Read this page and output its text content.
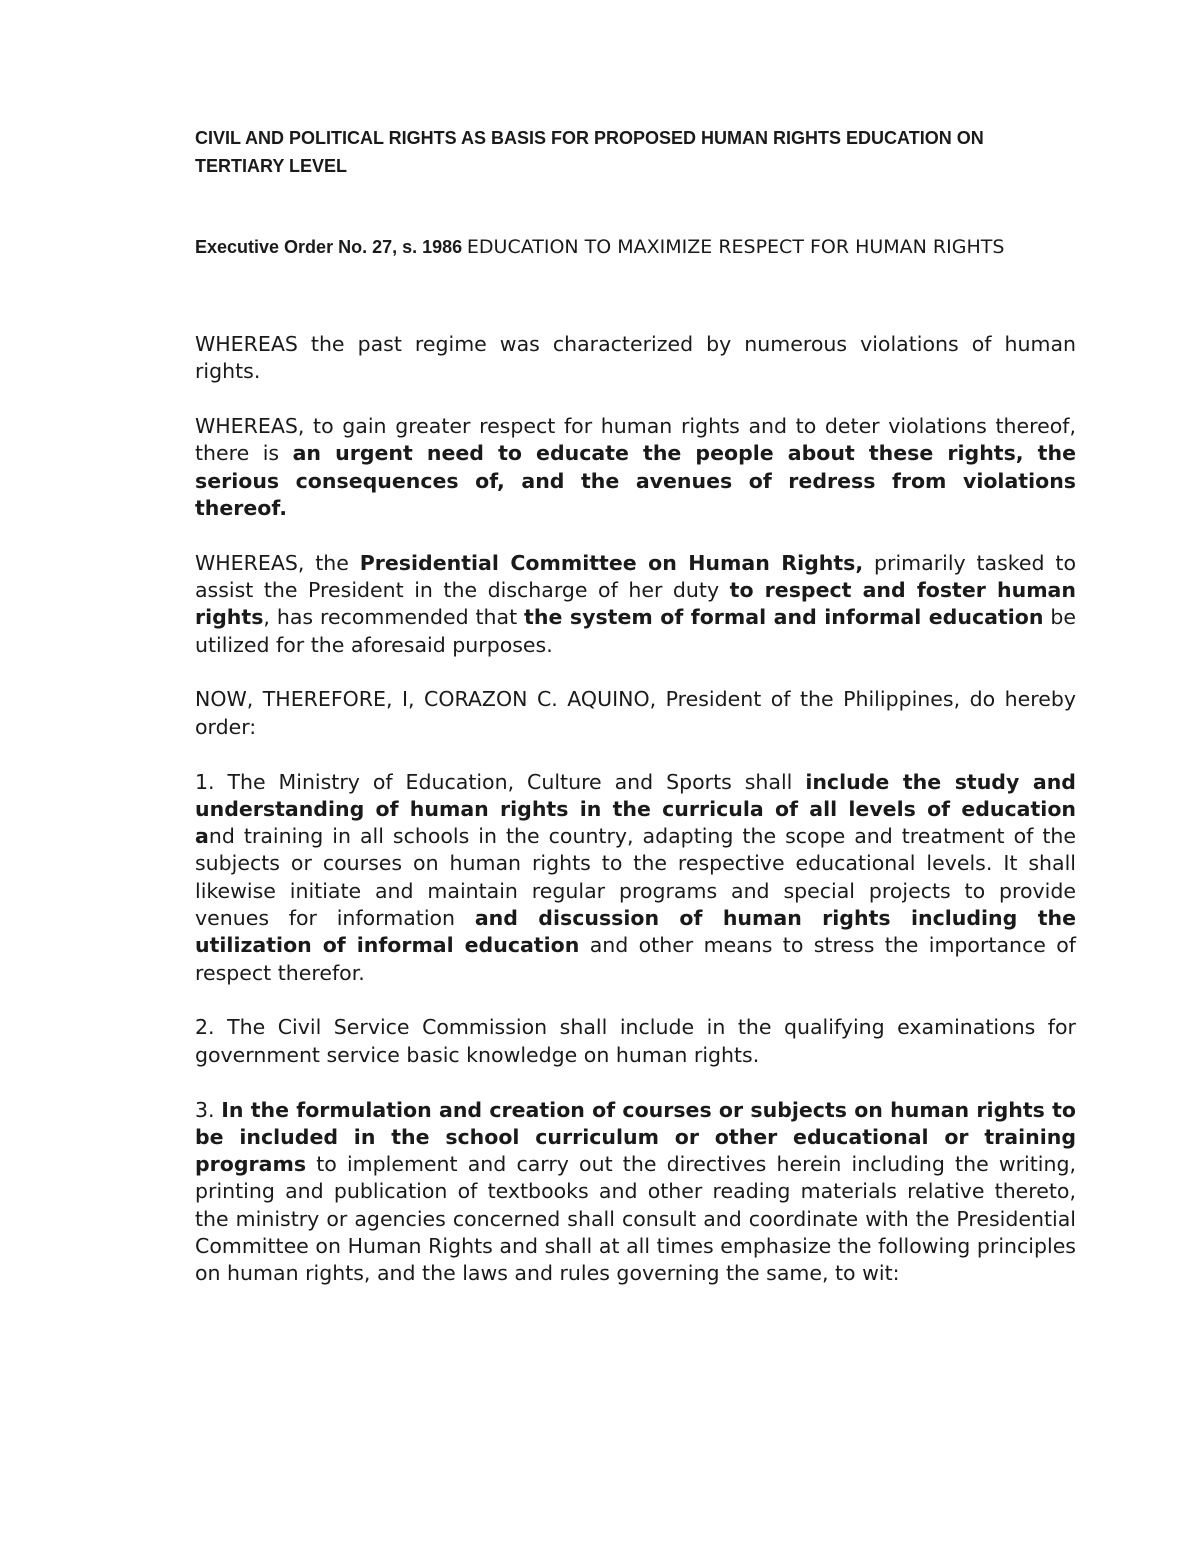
CIVIL AND POLITICAL RIGHTS AS BASIS FOR PROPOSED HUMAN RIGHTS EDUCATION ON TERTIARY LEVEL
Executive Order No. 27, s. 1986 EDUCATION TO MAXIMIZE RESPECT FOR HUMAN RIGHTS

WHEREAS the past regime was characterized by numerous violations of human rights.

WHEREAS, to gain greater respect for human rights and to deter violations thereof, there is an urgent need to educate the people about these rights, the serious consequences of, and the avenues of redress from violations thereof.

WHEREAS, the Presidential Committee on Human Rights, primarily tasked to assist the President in the discharge of her duty to respect and foster human rights, has recommended that the system of formal and informal education be utilized for the aforesaid purposes.

NOW, THEREFORE, I, CORAZON C. AQUINO, President of the Philippines, do hereby order:

1. The Ministry of Education, Culture and Sports shall include the study and understanding of human rights in the curricula of all levels of education and training in all schools in the country, adapting the scope and treatment of the subjects or courses on human rights to the respective educational levels. It shall likewise initiate and maintain regular programs and special projects to provide venues for information and discussion of human rights including the utilization of informal education and other means to stress the importance of respect therefor.

2. The Civil Service Commission shall include in the qualifying examinations for government service basic knowledge on human rights.

3. In the formulation and creation of courses or subjects on human rights to be included in the school curriculum or other educational or training programs to implement and carry out the directives herein including the writing, printing and publication of textbooks and other reading materials relative thereto, the ministry or agencies concerned shall consult and coordinate with the Presidential Committee on Human Rights and shall at all times emphasize the following principles on human rights, and the laws and rules governing the same, to wit:
